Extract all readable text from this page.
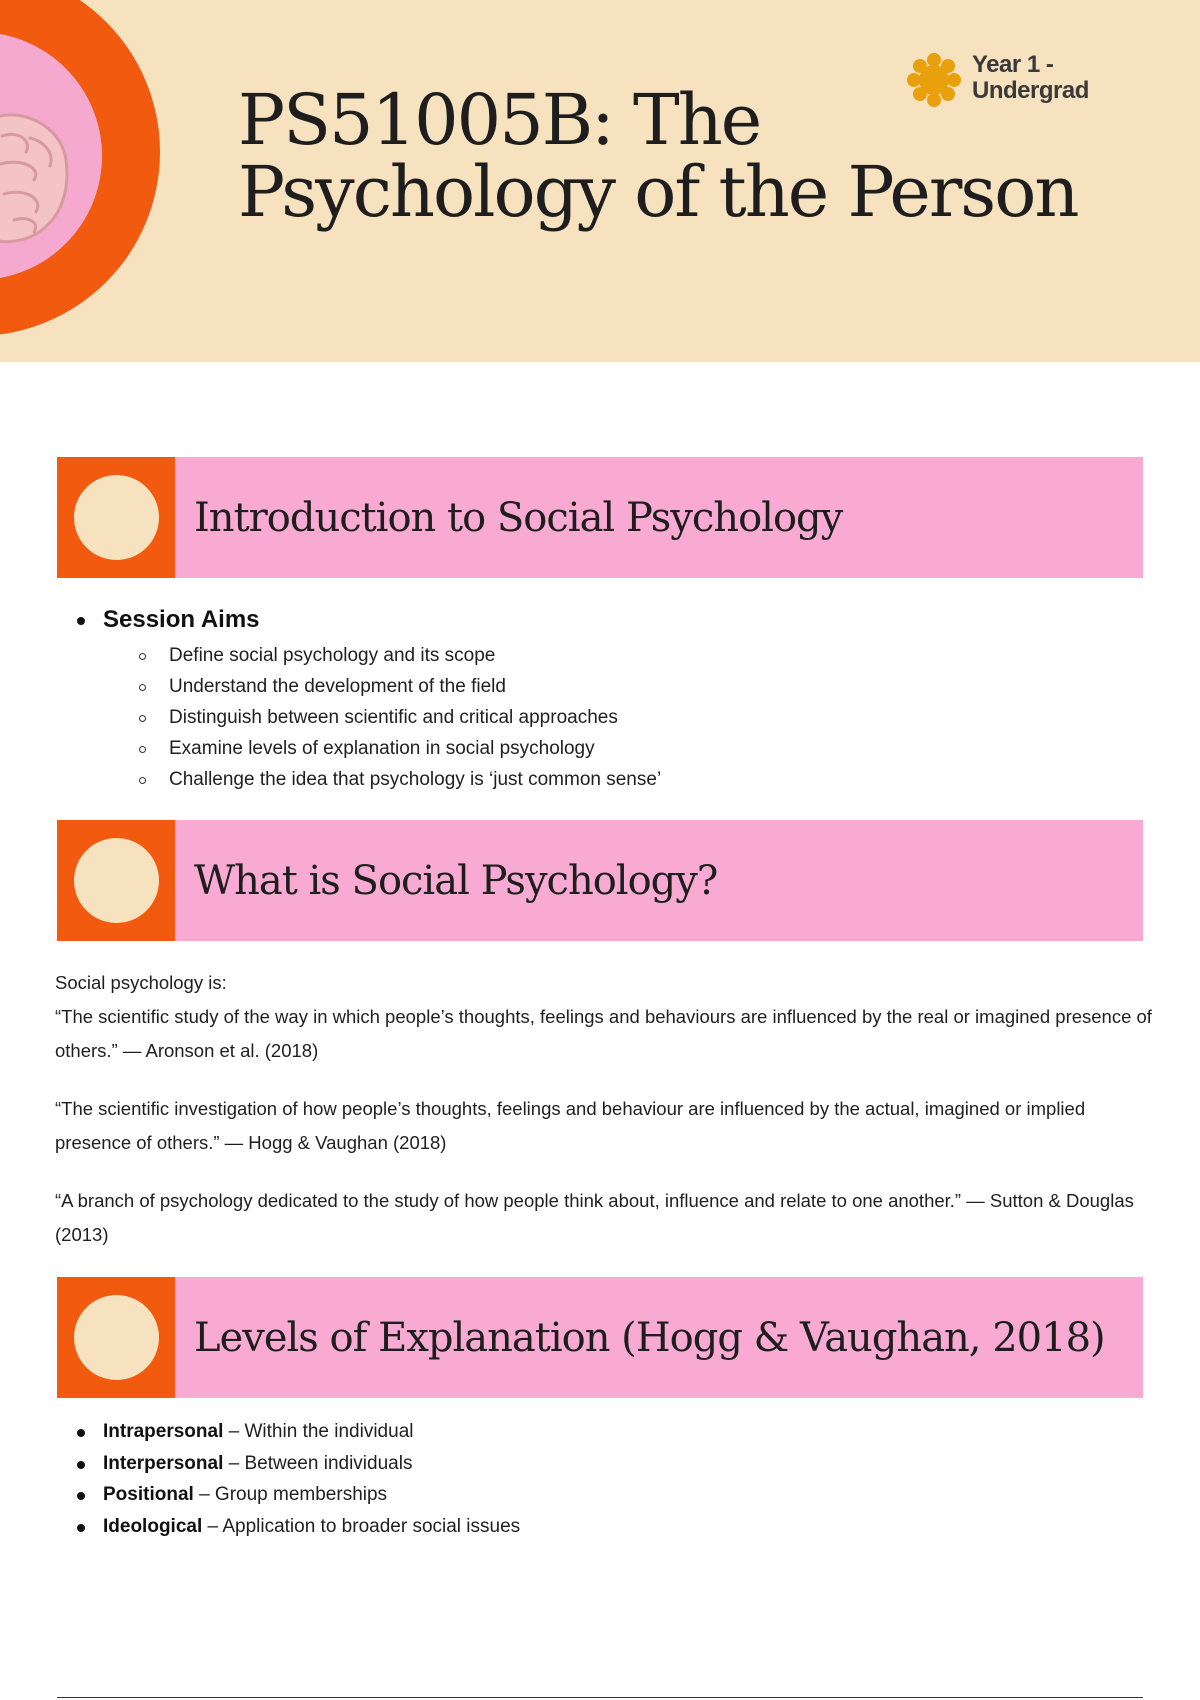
PS51005B: The Psychology of the Person
Year 1 -
Undergrad
Introduction to Social Psychology
Session Aims
Define social psychology and its scope
Understand the development of the field
Distinguish between scientific and critical approaches
Examine levels of explanation in social psychology
Challenge the idea that psychology is ‘just common sense’
What is Social Psychology?

Social psychology is:

“The scientific study of the way in which people’s thoughts, feelings and behaviours are influenced by the real or imagined presence of others.” — Aronson et al. (2018)

“The scientific investigation of how people’s thoughts, feelings and behaviour are influenced by the actual, imagined or implied presence of others.” — Hogg & Vaughan (2018)

“A branch of psychology dedicated to the study of how people think about, influence and relate to one another.” — Sutton & Douglas (2013)

Levels of Explanation (Hogg & Vaughan, 2018)
Intrapersonal – Within the individual
Interpersonal – Between individuals
Positional – Group memberships
Ideological – Application to broader social issues
